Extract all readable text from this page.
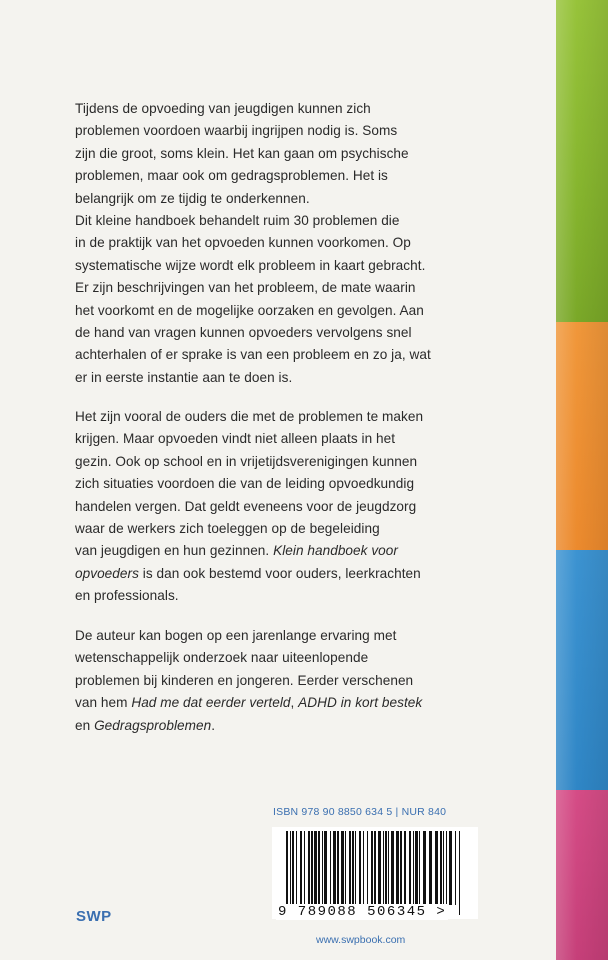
Tijdens de opvoeding van jeugdigen kunnen zich

problemen voordoen waarbij ingrijpen nodig is. Soms

zijn die groot, soms klein. Het kan gaan om psychische

problemen, maar ook om gedragsproblemen. Het is

belangrijk om ze tijdig te onderkennen.

Dit kleine handboek behandelt ruim 30 problemen die

in de praktijk van het opvoeden kunnen voorkomen. Op

systematische wijze wordt elk probleem in kaart gebracht.

Er zijn beschrijvingen van het probleem, de mate waarin

het voorkomt en de mogelijke oorzaken en gevolgen. Aan

de hand van vragen kunnen opvoeders vervolgens snel

achterhalen of er sprake is van een probleem en zo ja, wat

er in eerste instantie aan te doen is.

Het zijn vooral de ouders die met de problemen te maken

krijgen. Maar opvoeden vindt niet alleen plaats in het

gezin. Ook op school en in vrijetijdsverenigingen kunnen

zich situaties voordoen die van de leiding opvoedkundig

handelen vergen. Dat geldt eveneens voor de jeugdzorg

waar de werkers zich toeleggen op de begeleiding

van jeugdigen en hun gezinnen. Klein handboek voor

opvoeders is dan ook bestemd voor ouders, leerkrachten

en professionals.

De auteur kan bogen op een jarenlange ervaring met

wetenschappelijk onderzoek naar uiteenlopende

problemen bij kinderen en jongeren. Eerder verschenen

van hem Had me dat eerder verteld, ADHD in kort bestek

en Gedragsproblemen.

ISBN 978 90 8850 634 5 | NUR 840
9 789088 506345 >
SWP
www.swpbook.com
